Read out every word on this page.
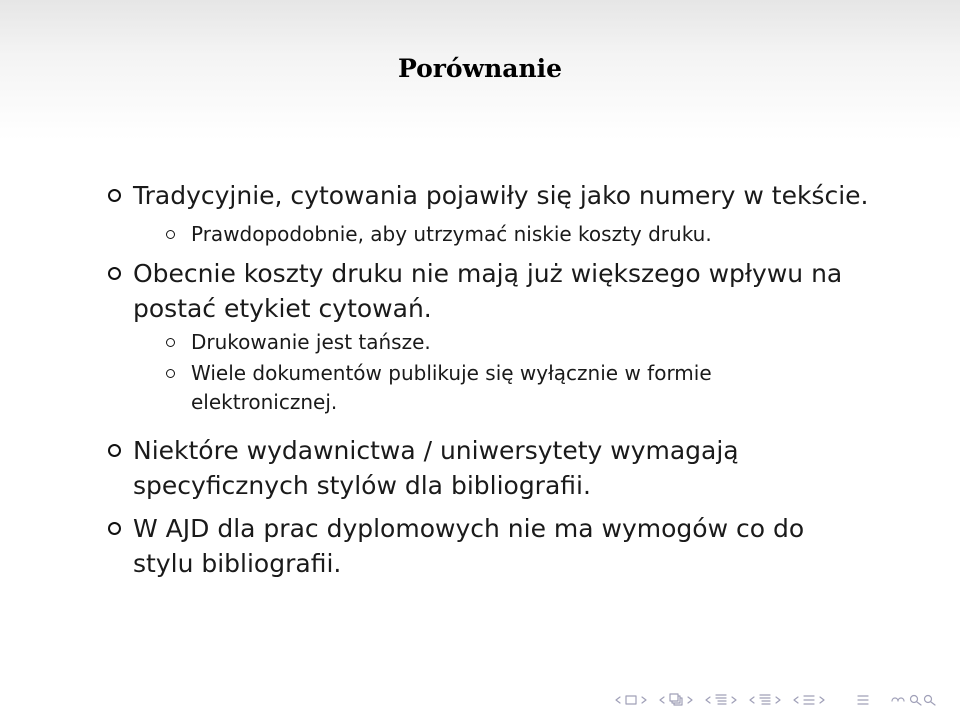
Porównanie
Tradycyjnie, cytowania pojawiły się jako numery w tekście.
Prawdopodobnie, aby utrzymać niskie koszty druku.
Obecnie koszty druku nie mają już większego wpływu na
postać etykiet cytowań.
Drukowanie jest tańsze.
Wiele dokumentów publikuje się wyłącznie w formie
elektronicznej.
Niektóre wydawnictwa / uniwersytety wymagają
specyficznych stylów dla bibliografii.
W AJD dla prac dyplomowych nie ma wymogów co do
stylu bibliografii.
